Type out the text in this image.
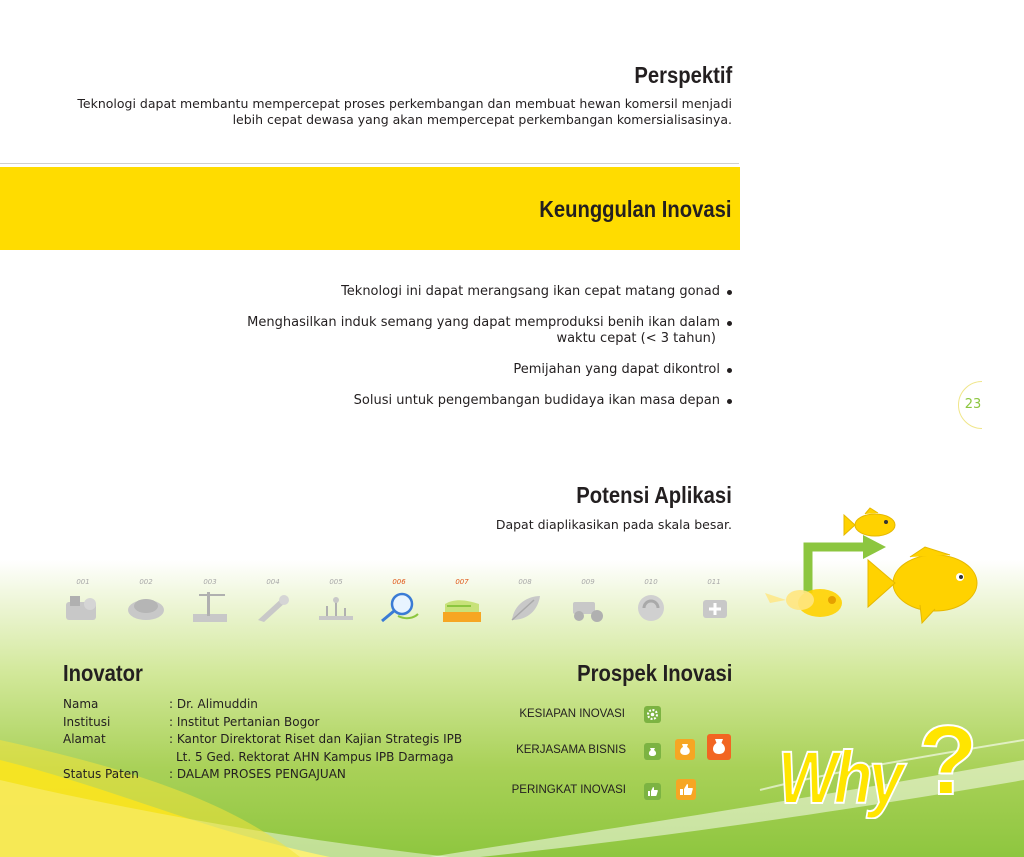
Perspektif
Teknologi dapat membantu mempercepat proses perkembangan dan membuat hewan komersil menjadi
lebih cepat dewasa yang akan mempercepat perkembangan komersialisasinya.
Keunggulan Inovasi
Teknologi ini dapat merangsang ikan cepat matang gonad
Menghasilkan induk semang yang dapat memproduksi benih ikan dalam
waktu cepat (< 3 tahun)
Pemijahan yang dapat dikontrol
Solusi untuk pengembangan budidaya ikan masa depan	23
Potensi Aplikasi
Dapat diaplikasikan pada skala besar.
001	002	003	004	005	006	007	008	009	010	011
Inovator
Nama	: Dr. Alimuddin
Institusi	: Institut Pertanian Bogor
Alamat	: Kantor Direktorat Riset dan Kajian Strategis IPB
Lt. 5 Ged. Rektorat AHN Kampus IPB Darmaga
Status Paten	: DALAM PROSES PENGAJUAN
Prospek Inovasi
KESIAPAN INOVASI
KERJASAMA BISNIS
PERINGKAT INOVASI Why ?
